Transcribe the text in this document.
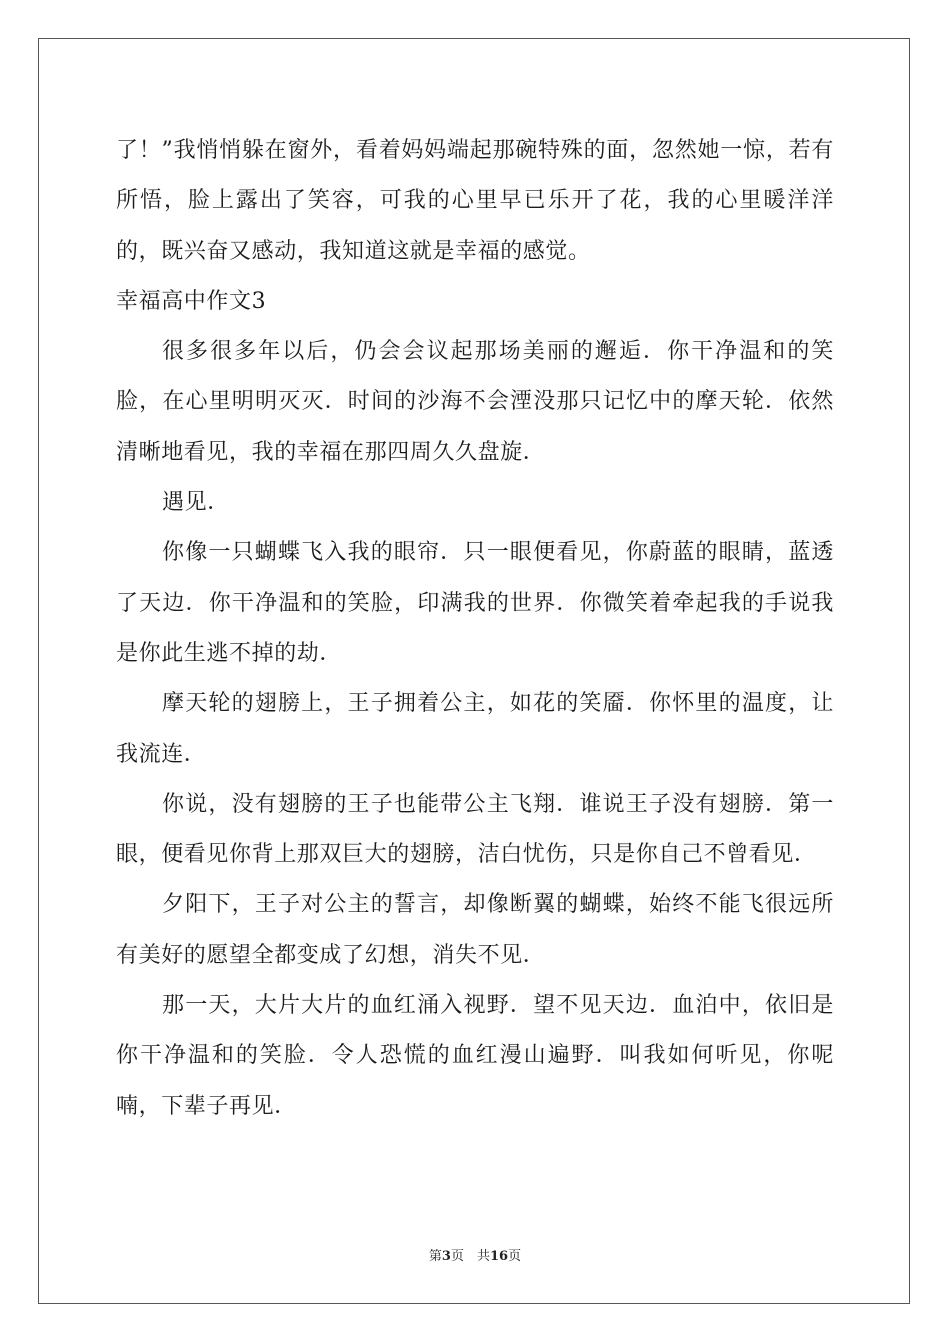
了！”我悄悄躲在窗外，看着妈妈端起那碗特殊的面，忽然她一惊，若有所悟，脸上露出了笑容，可我的心里早已乐开了花，我的心里暖洋洋的，既兴奋又感动，我知道这就是幸福的感觉。

幸福高中作文3

很多很多年以后，仍会会议起那场美丽的邂逅．你干净温和的笑脸，在心里明明灭灭．时间的沙海不会湮没那只记忆中的摩天轮．依然清晰地看见，我的幸福在那四周久久盘旋．

遇见．

你像一只蝴蝶飞入我的眼帘．只一眼便看见，你蔚蓝的眼睛，蓝透了天边．你干净温和的笑脸，印满我的世界．你微笑着牵起我的手说我是你此生逃不掉的劫．

摩天轮的翅膀上，王子拥着公主，如花的笑靥．你怀里的温度，让我流连．

你说，没有翅膀的王子也能带公主飞翔．谁说王子没有翅膀．第一眼，便看见你背上那双巨大的翅膀，洁白忧伤，只是你自己不曾看见．

夕阳下，王子对公主的誓言，却像断翼的蝴蝶，始终不能飞很远所有美好的愿望全都变成了幻想，消失不见．

那一天，大片大片的血红涌入视野．望不见天边．血泊中，依旧是你干净温和的笑脸．令人恐慌的血红漫山遍野．叫我如何听见，你呢喃，下辈子再见．

第3页　共16页
